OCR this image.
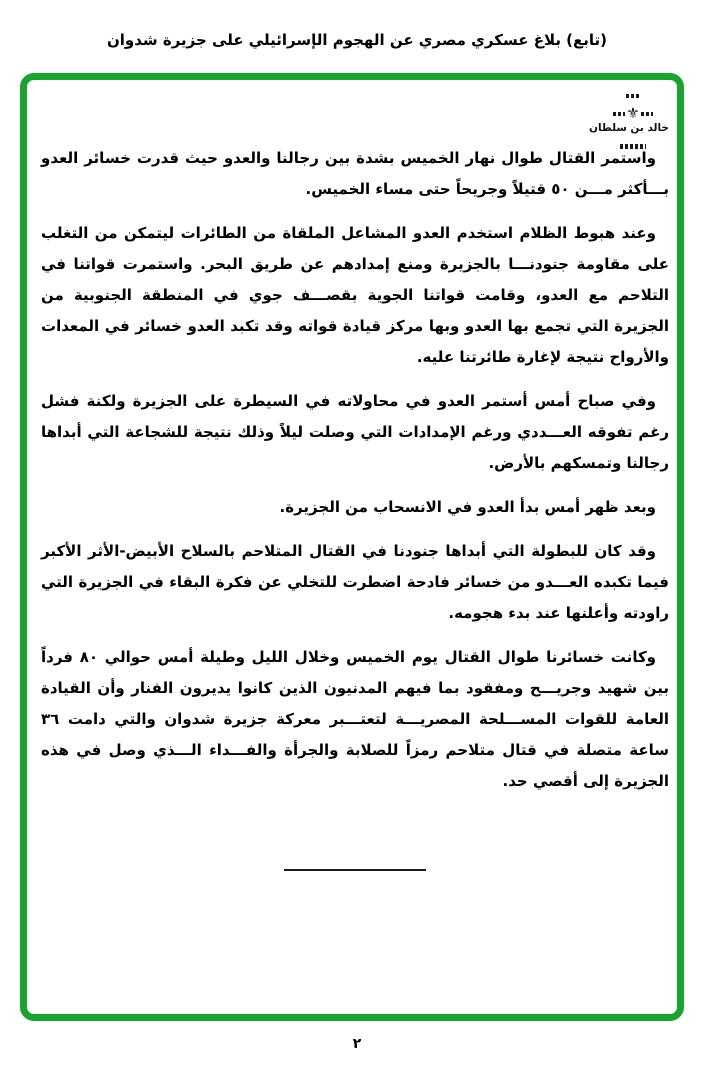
(تابع) بلاغ عسكري مصري عن الهجوم الإسرائيلي على جزيرة شدوان
⚜
خالد بن سلطان

واستمر القتال طوال نهار الخميس بشدة بين رجالنا والعدو حيث قدرت خسائر العدو بـــأكثر مـــن ٥٠ قتيلاً وجريحاً حتى مساء الخميس.

وعند هبوط الظلام استخدم العدو المشاعل الملقاة من الطائرات ليتمكن من التغلب على مقاومة جنودنـــا بالجزيرة ومنع إمدادهم عن طريق البحر. واستمرت قواتنا في التلاحم مع العدو، وقامت قواتنا الجوية بقصـــف جوي في المنطقة الجنوبية من الجزيرة التي تجمع بها العدو وبها مركز قيادة قواته وقد تكبد العدو خسائر في المعدات والأرواح نتيجة لإغارة طائرتنا عليه.

وفي صباح أمس أستمر العدو في محاولاته في السيطرة على الجزيرة ولكنة فشل رغم تفوقه العـــددي ورغم الإمدادات التي وصلت ليلاً وذلك نتيجة للشجاعة التي أبداها رجالنا وتمسكهم بالأرض.

وبعد ظهر أمس بدأ العدو في الانسحاب من الجزيرة.

وقد كان للبطولة التي أبداها جنودنا في القتال المتلاحم بالسلاح الأبيض-الأثر الأكبر فيما تكبده العـــدو من خسائر فادحة اضطرت للتخلي عن فكرة البقاء في الجزيرة التي راودته وأعلنها عند بدء هجومه.

وكانت خسائرنا طوال القتال يوم الخميس وخلال الليل وطيلة أمس حوالي ٨٠ فرداً بين شهيد وجريـــح ومفقود بما فيهم المدنيون الذين كانوا يديرون الفنار وأن القيادة العامة للقوات المســـلحة المصريـــة لتعتـــبر معركة جزيرة شدوان والتي دامت ٣٦ ساعة متصلة في قتال متلاحم رمزاً للصلابة والجرأة والفـــداء الـــذي وصل في هذه الجزيرة إلى أقصي حد.

٢
